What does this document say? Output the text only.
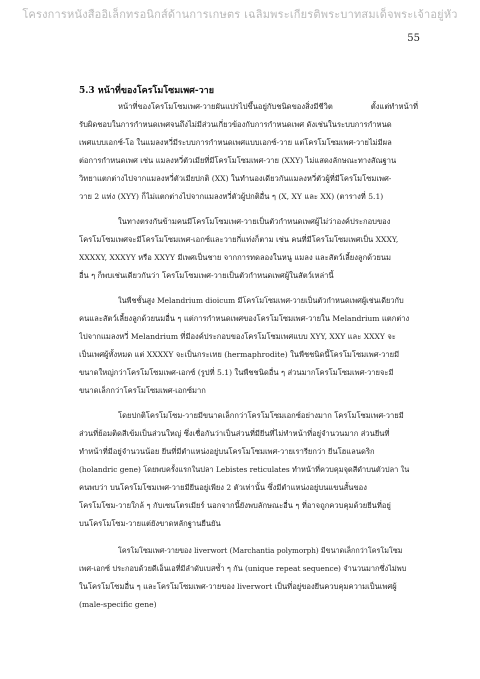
โครงการหนังสืออิเล็กทรอนิกส์ด้านการเกษตร เฉลิมพระเกียรติพระบาทสมเด็จพระเจ้าอยู่หัว
55
5.3 หน้าที่ของโครโมโซมเพศ-วาย
หน้าที่ของโครโมโซมเพศ-วายผันแปรไปขึ้นอยู่กับชนิดของสิ่งมีชีวิต	ตั้งแต่ทำหน้าที่
รับผิดชอบในการกำหนดเพศจนถึงไม่มีส่วนเกี่ยวข้องกับการกำหนดเพศ ดังเช่นในระบบการกำหนด
เพศแบบเอกซ์-โอ ในแมลงหวี่มีระบบการกำหนดเพศแบบเอกซ์-วาย แต่โครโมโซมเพศ-วายไม่มีผล
ต่อการกำหนดเพศ เช่น แมลงหวี่ตัวเมียที่มีโครโมโซมเพศ-วาย (XXY) ไม่แสดงลักษณะทางสัณฐาน
วิทยาแตกต่างไปจากแมลงหวี่ตัวเมียปกติ (XX) ในทำนองเดียวกันแมลงหวี่ตัวผู้ที่มีโครโมโซมเพศ-
วาย 2 แท่ง (XYY) ก็ไม่แตกต่างไปจากแมลงหวี่ตัวผู้ปกติอื่น ๆ (X, XY และ XX) (ตารางที่ 5.1)
ในทางตรงกันข้ามคนมีโครโมโซมเพศ-วายเป็นตัวกำหนดเพศผู้ไม่ว่าองค์ประกอบของ
โครโมโซมเพศจะมีโครโมโซมเพศ-เอกซ์และวายกี่แท่งก็ตาม เช่น คนที่มีโครโมโซมเพศเป็น XXXY,
XXXXY, XXXYY หรือ XXYY มีเพศเป็นชาย จากการทดลองในหนู แมลง และสัตว์เลี้ยงลูกด้วยนม
อื่น ๆ ก็พบเช่นเดียวกันว่า โครโมโซมเพศ-วายเป็นตัวกำหนดเพศผู้ในสัตว์เหล่านี้
ในพืชชั้นสูง Melandrium dioicum มีโครโมโซมเพศ-วายเป็นตัวกำหนดเพศผู้เช่นเดียวกับ
คนและสัตว์เลี้ยงลูกด้วยนมอื่น ๆ แต่การกำหนดเพศของโครโมโซมเพศ-วายใน Melandrium แตกต่าง
ไปจากแมลงหวี่ Melandrium ที่มีองค์ประกอบของโครโมโซมเพศแบบ XYY, XXY และ XXXY จะ
เป็นเพศผู้ทั้งหมด แต่ XXXXY จะเป็นกระเทย (hermaphrodite) ในพืชชนิดนี้โครโมโซมเพศ-วายมี
ขนาดใหญ่กว่าโครโมโซมเพศ-เอกซ์ (รูปที่ 5.1) ในพืชชนิดอื่น ๆ ส่วนมากโครโมโซมเพศ-วายจะมี
ขนาดเล็กกว่าโครโมโซมเพศ-เอกซ์มาก
โดยปกติโครโมโซม-วายมีขนาดเล็กกว่าโครโมโซมเอกซ์อย่างมาก โครโมโซมเพศ-วายมี
ส่วนที่ย้อมติดสีเข้มเป็นส่วนใหญ่ ซึ่งเชื่อกันว่าเป็นส่วนที่มียีนที่ไม่ทำหน้าที่อยู่จำนวนมาก ส่วนยีนที่
ทำหน้าที่มีอยู่จำนวนน้อย ยีนที่มีตำแหน่งอยู่บนโครโมโซมเพศ-วายเรารียกว่า ยีนโฮแลนดริก
(holandric gene) โดยพบครั้งแรกในปลา Lebistes reticulates ทำหน้าที่ควบคุมจุดสีดำบนตัวปลา ใน
คนพบว่า บนโครโมโซมเพศ-วายมียีนอยู่เพียง 2 ตัวเท่านั้น ซึ่งมีตำแหน่งอยู่บนแขนสั้นของ
โครโมโซม-วายใกล้ ๆ กับเซนโตรเมียร์ นอกจากนี้ยังพบลักษณะอื่น ๆ ที่อาจถูกควบคุมด้วยยีนที่อยู่
บนโครโมโซม-วายแต่ยังขาดหลักฐานยืนยัน
โครโมโซมเพศ-วายของ liverwort (Marchantia polymorph) มีขนาดเล็กกว่าโครโมโซม
เพศ-เอกซ์ ประกอบด้วยดีเอ็นเอที่มีลำดับเบสซ้ำ ๆ กัน (unique repeat sequence) จำนวนมากซึ่งไม่พบ
ในโครโมโซมอื่น ๆ และโครโมโซมเพศ-วายของ liverwort เป็นที่อยู่ของยีนควบคุมความเป็นเพศผู้
(male-specific gene)
